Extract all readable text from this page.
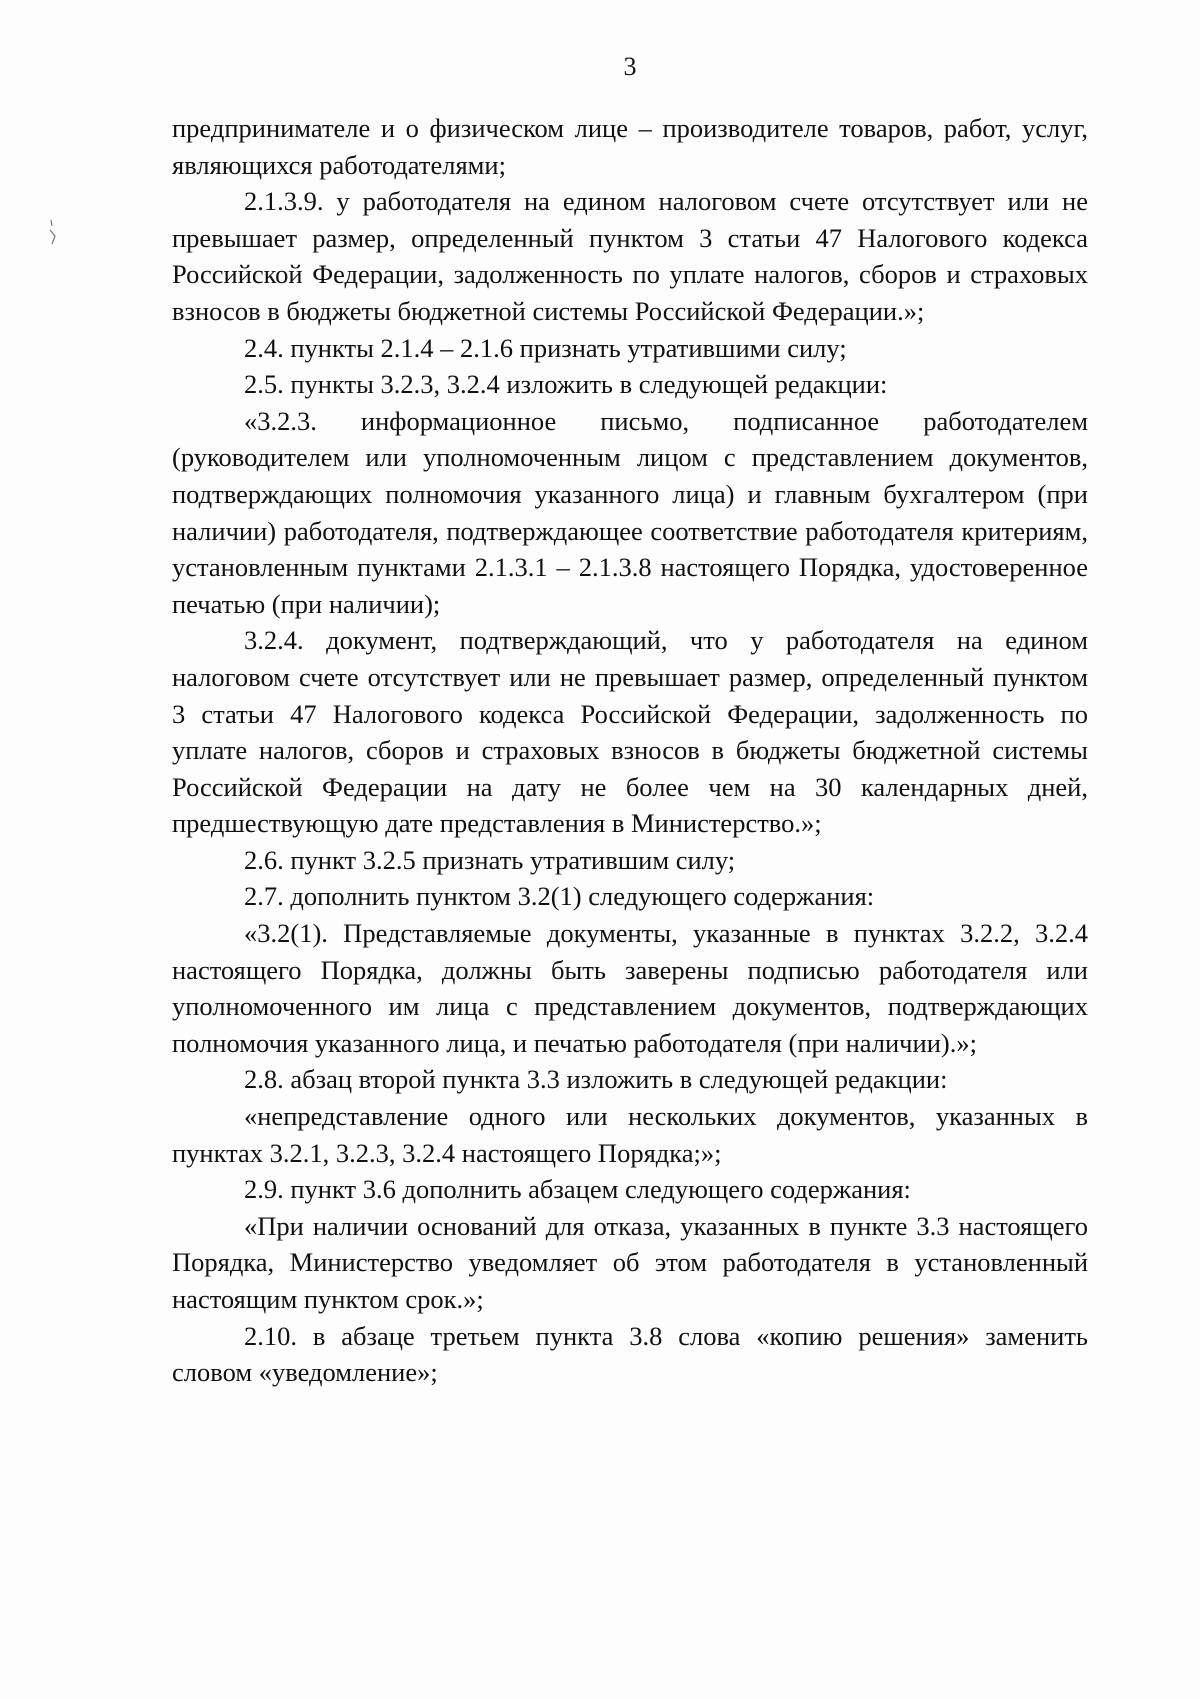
3

предпринимателе и о физическом лице – производителе товаров, работ, услуг, являющихся работодателями;

2.1.3.9. у работодателя на едином налоговом счете отсутствует или не превышает размер, определенный пунктом 3 статьи 47 Налогового кодекса Российской Федерации, задолженность по уплате налогов, сборов и страховых взносов в бюджеты бюджетной системы Российской Федерации.»;

2.4. пункты 2.1.4 – 2.1.6 признать утратившими силу;

2.5. пункты 3.2.3, 3.2.4 изложить в следующей редакции:

«3.2.3. информационное письмо, подписанное работодателем (руководителем или уполномоченным лицом с представлением документов, подтверждающих полномочия указанного лица) и главным бухгалтером (при наличии) работодателя, подтверждающее соответствие работодателя критериям, установленным пунктами 2.1.3.1 – 2.1.3.8 настоящего Порядка, удостоверенное печатью (при наличии);

3.2.4. документ, подтверждающий, что у работодателя на едином налоговом счете отсутствует или не превышает размер, определенный пунктом 3 статьи 47 Налогового кодекса Российской Федерации, задолженность по уплате налогов, сборов и страховых взносов в бюджеты бюджетной системы Российской Федерации на дату не более чем на 30 календарных дней, предшествующую дате представления в Министерство.»;

2.6. пункт 3.2.5 признать утратившим силу;

2.7. дополнить пунктом 3.2(1) следующего содержания:

«3.2(1). Представляемые документы, указанные в пунктах 3.2.2, 3.2.4 настоящего Порядка, должны быть заверены подписью работодателя или уполномоченного им лица с представлением документов, подтверждающих полномочия указанного лица, и печатью работодателя (при наличии).»;

2.8. абзац второй пункта 3.3 изложить в следующей редакции:

«непредставление одного или нескольких документов, указанных в пунктах 3.2.1, 3.2.3, 3.2.4 настоящего Порядка;»;

2.9. пункт 3.6 дополнить абзацем следующего содержания:

«При наличии оснований для отказа, указанных в пункте 3.3 настоящего Порядка, Министерство уведомляет об этом работодателя в установленный настоящим пунктом срок.»;

2.10. в абзаце третьем пункта 3.8 слова «копию решения» заменить словом «уведомление»;
